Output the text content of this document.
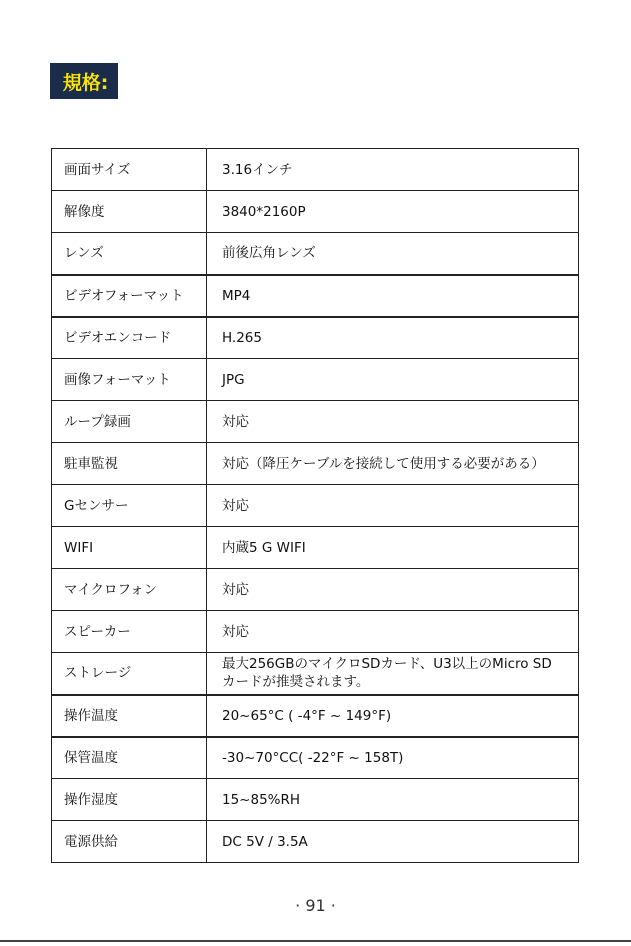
規格:
画面サイズ	3.16インチ
解像度	3840*2160P
レンズ	前後広角レンズ
ビデオフォーマット	MP4
ビデオエンコード	H.265
画像フォーマット	JPG
ループ録画	対応
駐車監視	対応（降圧ケーブルを接続して使用する必要がある）
Gセンサー	対応
WIFI	内蔵5 G WIFI
マイクロフォン	対応
スピーカー	対応
ストレージ	最大256GBのマイクロSDカード、U3以上のMicro SDカードが推奨されます。
操作温度	20~65°C ( -4°F ~ 149°F)
保管温度	-30~70°CC( -22°F ~ 158T)
操作湿度	15~85%RH
電源供給	DC 5V / 3.5A
· 91 ·
